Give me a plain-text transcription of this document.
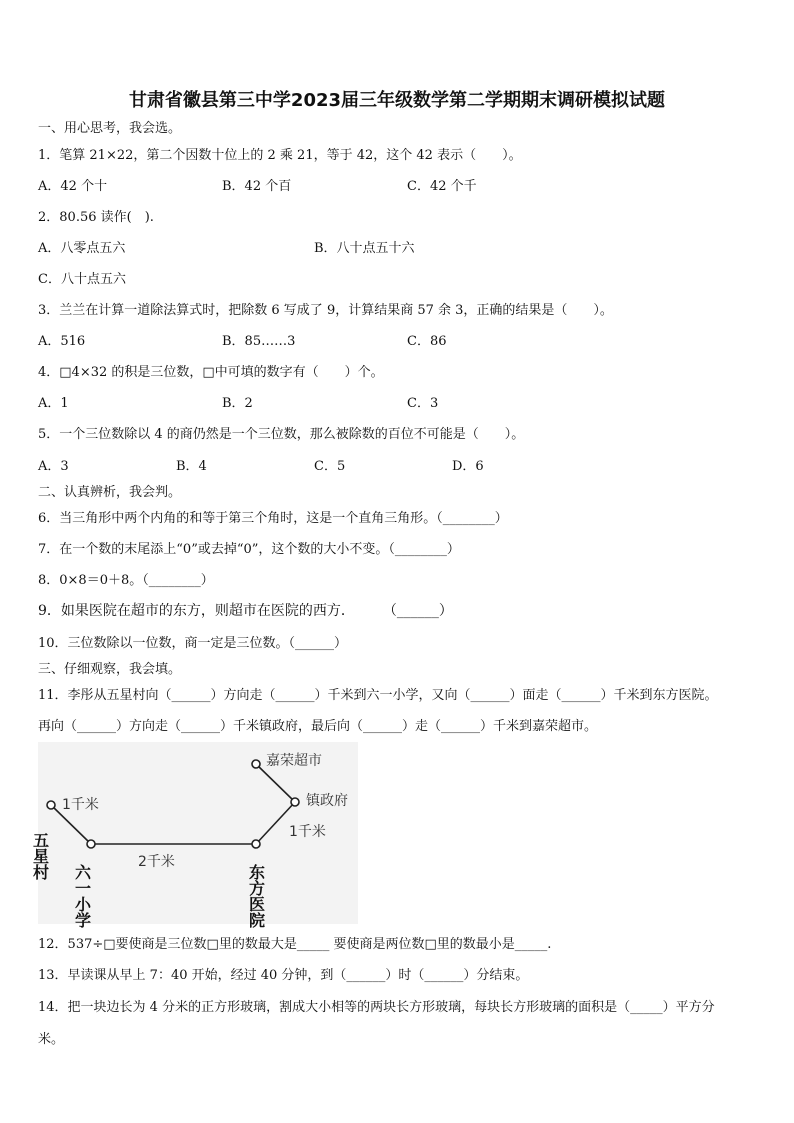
甘肃省徽县第三中学2023届三年级数学第二学期期末调研模拟试题
一、用心思考，我会选。
1．笔算 21×22，第二个因数十位上的 2 乘 21，等于 42，这个 42 表示（　　）。
A．42 个十	B．42 个百	C．42 个千
2．80.56 读作(　).
A．八零点五六	B．八十点五十六
C．八十点五六
3．兰兰在计算一道除法算式时，把除数 6 写成了 9，计算结果商 57 余 3，正确的结果是（　　）。
A．516	B．85……3	C．86
4．□4×32 的积是三位数，□中可填的数字有（　　）个。
A．1	B．2	C．3
5．一个三位数除以 4 的商仍然是一个三位数，那么被除数的百位不可能是（　　）。
A．3	B．4	C．5	D．6
二、认真辨析，我会判。
6．当三角形中两个内角的和等于第三个角时，这是一个直角三角形。（________）
7．在一个数的末尾添上“0”或去掉“0”，这个数的大小不变。（________）
8．0×8＝0＋8。（________）
9．如果医院在超市的东方，则超市在医院的西方．　　　（______）
10．三位数除以一位数，商一定是三位数。（______）
三、仔细观察，我会填。
11．李彤从五星村向（______）方向走（______）千米到六一小学，又向（______）面走（______）千米到东方医院。
再向（______）方向走（______）千米镇政府，最后向（______）走（______）千米到嘉荣超市。
嘉荣超市
镇政府
1千米
2千米
1千米
五星村
六一小学	东方医院
12．537÷□要使商是三位数□里的数最大是_____ 要使商是两位数□里的数最小是_____.
13．早读课从早上 7：40 开始，经过 40 分钟，到（______）时（______）分结束。
14．把一块边长为 4 分米的正方形玻璃，割成大小相等的两块长方形玻璃，每块长方形玻璃的面积是（_____）平方分
米。
